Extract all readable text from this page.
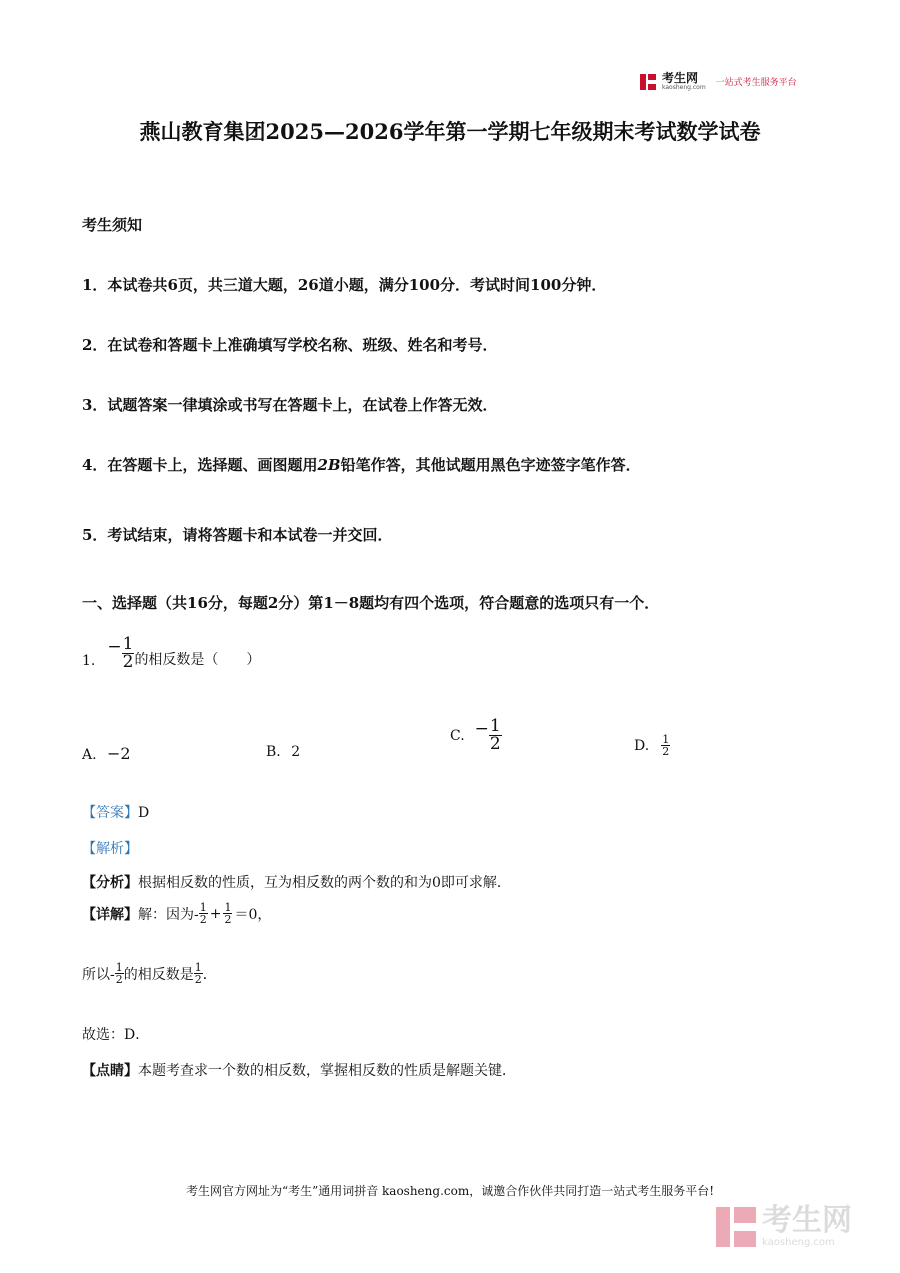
考生网
kaosheng.com 一站式考生服务平台
燕山教育集团2025—2026学年第一学期七年级期末考试数学试卷
考生须知
1．本试卷共6页，共三道大题，26道小题，满分100分．考试时间100分钟．
2．在试卷和答题卡上准确填写学校名称、班级、姓名和考号．
3．试题答案一律填涂或书写在答题卡上，在试卷上作答无效．
4．在答题卡上，选择题、画图题用2B铅笔作答，其他试题用黑色字迹签字笔作答．
5．考试结束，请将答题卡和本试卷一并交回．
一、选择题（共16分，每题2分）第1－8题均有四个选项，符合题意的选项只有一个．
1.
− $\frac{1}{2}$ 的相反数是（　　）
A. −2	B. 2
C. − $\frac{1}{2}$	D. $\frac{1}{2}$
【答案】D
【解析】
【分析】根据相反数的性质，互为相反数的两个数的和为0即可求解．
【详解】 解：因为- $\frac{1}{2} + \frac{1}{2} =0$，
所以- $\frac{1}{2}$ 的相反数是 $\frac{1}{2}$ ．
故选：D．
【点睛】本题考查求一个数的相反数，掌握相反数的性质是解题关键．
考生网官方网址为“考生”通用词拼音 kaosheng.com，诚邀合作伙伴共同打造一站式考生服务平台!
考生网
kaosheng.com
